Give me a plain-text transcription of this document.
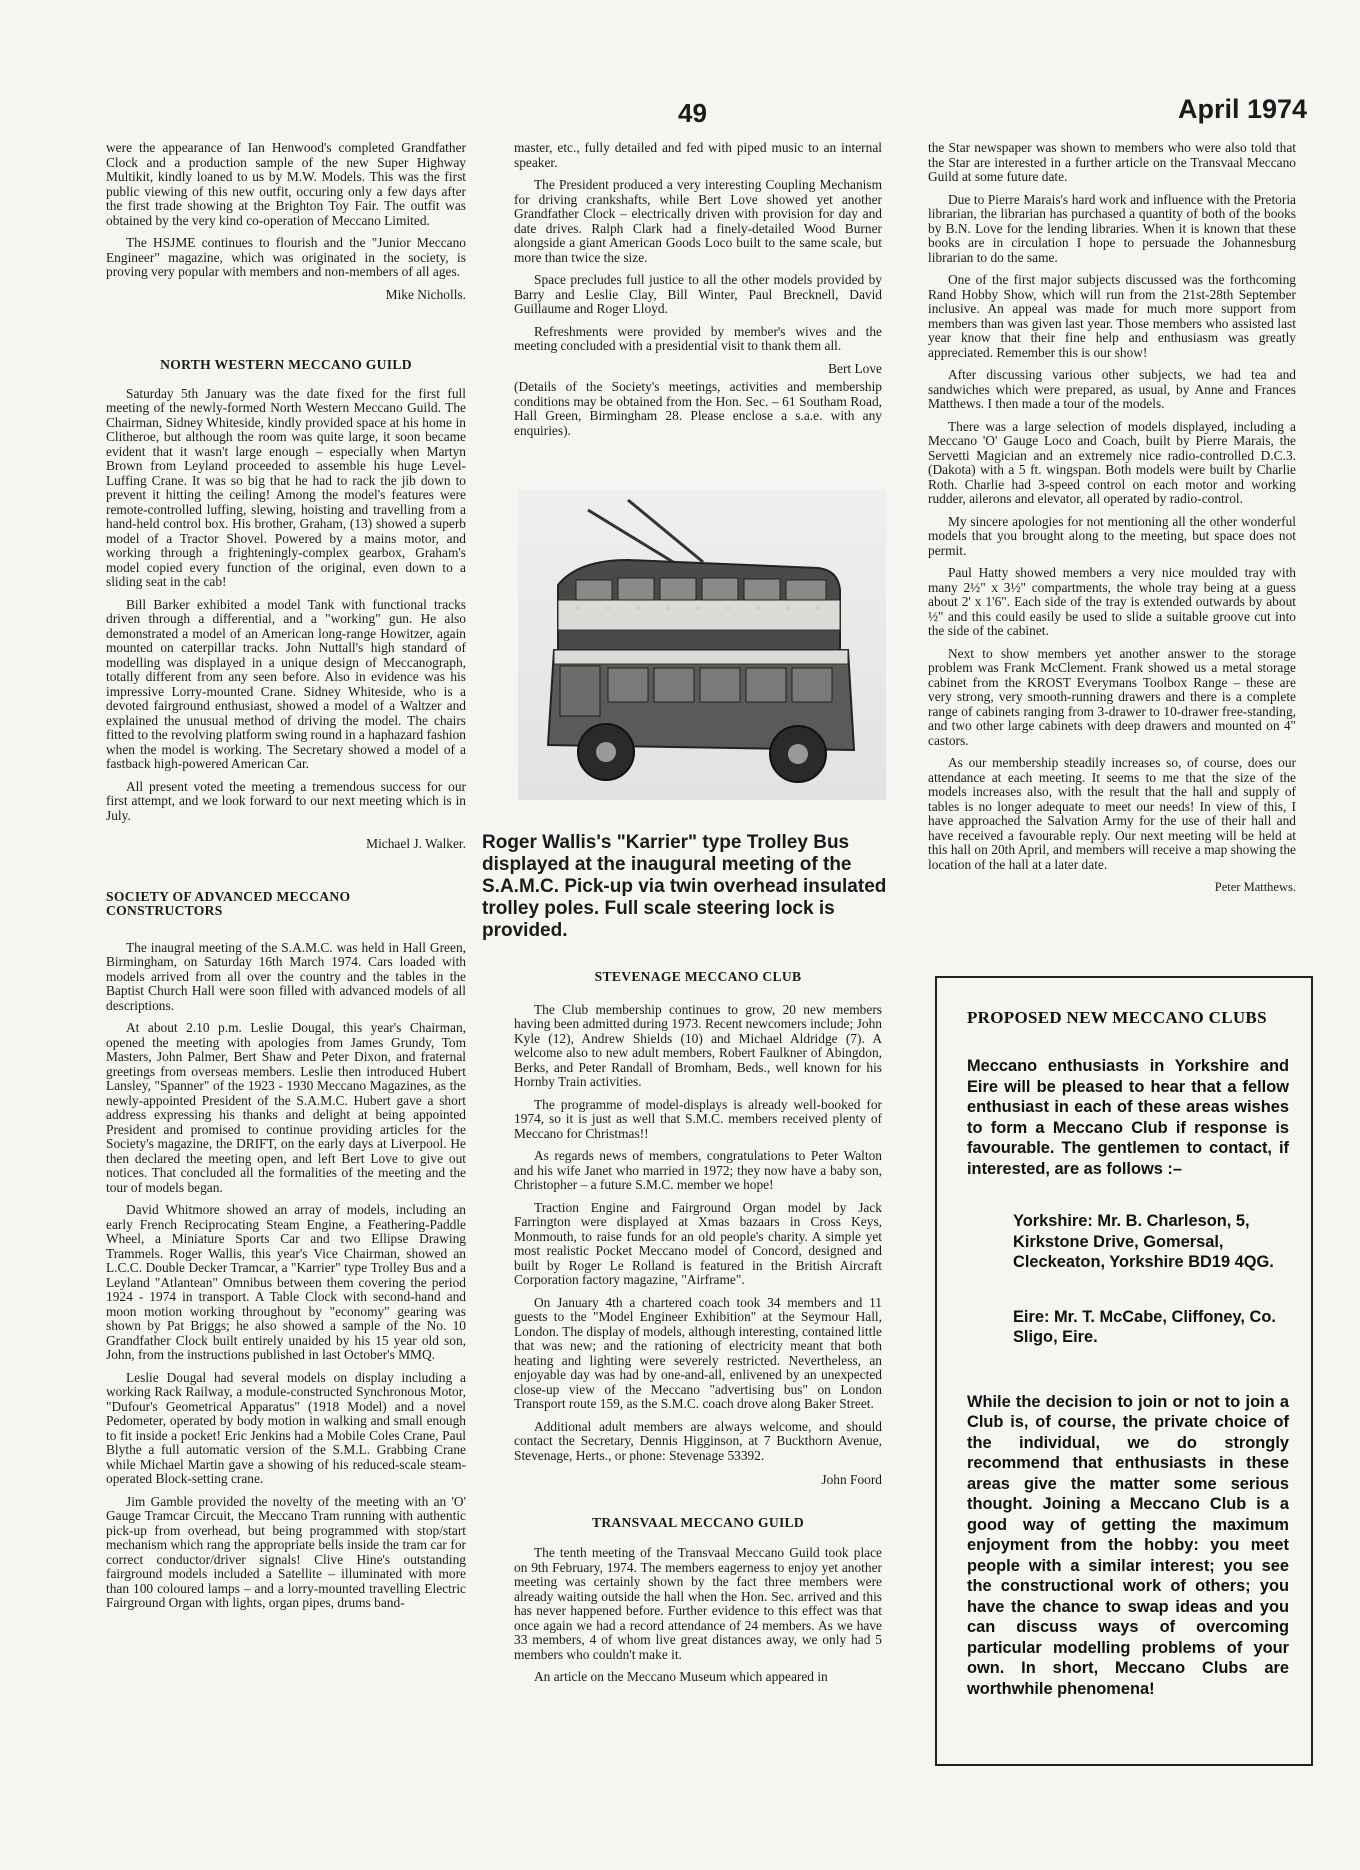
49	April 1974

were the appearance of Ian Henwood's completed Grandfather Clock and a production sample of the new Super Highway Multikit, kindly loaned to us by M.W. Models. This was the first public viewing of this new outfit, occuring only a few days after the first trade showing at the Brighton Toy Fair. The outfit was obtained by the very kind co-operation of Meccano Limited.

The HSJME continues to flourish and the "Junior Meccano Engineer" magazine, which was originated in the society, is proving very popular with members and non-members of all ages.

Mike Nicholls.
NORTH WESTERN MECCANO GUILD

Saturday 5th January was the date fixed for the first full meeting of the newly-formed North Western Meccano Guild. The Chairman, Sidney Whiteside, kindly provided space at his home in Clitheroe, but although the room was quite large, it soon became evident that it wasn't large enough – especially when Martyn Brown from Leyland proceeded to assemble his huge Level-Luffing Crane. It was so big that he had to rack the jib down to prevent it hitting the ceiling! Among the model's features were remote-controlled luffing, slewing, hoisting and travelling from a hand-held control box. His brother, Graham, (13) showed a superb model of a Tractor Shovel. Powered by a mains motor, and working through a frighteningly-complex gearbox, Graham's model copied every function of the original, even down to a sliding seat in the cab!

Bill Barker exhibited a model Tank with functional tracks driven through a differential, and a "working" gun. He also demonstrated a model of an American long-range Howitzer, again mounted on caterpillar tracks. John Nuttall's high standard of modelling was displayed in a unique design of Meccanograph, totally different from any seen before. Also in evidence was his impressive Lorry-mounted Crane. Sidney Whiteside, who is a devoted fairground enthusiast, showed a model of a Waltzer and explained the unusual method of driving the model. The chairs fitted to the revolving platform swing round in a haphazard fashion when the model is working. The Secretary showed a model of a fastback high-powered American Car.

All present voted the meeting a tremendous success for our first attempt, and we look forward to our next meeting which is in July.

Michael J. Walker.
SOCIETY OF ADVANCED MECCANO CONSTRUCTORS

The inaugral meeting of the S.A.M.C. was held in Hall Green, Birmingham, on Saturday 16th March 1974. Cars loaded with models arrived from all over the country and the tables in the Baptist Church Hall were soon filled with advanced models of all descriptions.

At about 2.10 p.m. Leslie Dougal, this year's Chairman, opened the meeting with apologies from James Grundy, Tom Masters, John Palmer, Bert Shaw and Peter Dixon, and fraternal greetings from overseas members. Leslie then introduced Hubert Lansley, "Spanner" of the 1923 - 1930 Meccano Magazines, as the newly-appointed President of the S.A.M.C. Hubert gave a short address expressing his thanks and delight at being appointed President and promised to continue providing articles for the Society's magazine, the DRIFT, on the early days at Liverpool. He then declared the meeting open, and left Bert Love to give out notices. That concluded all the formalities of the meeting and the tour of models began.

David Whitmore showed an array of models, including an early French Reciprocating Steam Engine, a Feathering-Paddle Wheel, a Miniature Sports Car and two Ellipse Drawing Trammels. Roger Wallis, this year's Vice Chairman, showed an L.C.C. Double Decker Tramcar, a "Karrier" type Trolley Bus and a Leyland "Atlantean" Omnibus between them covering the period 1924 - 1974 in transport. A Table Clock with second-hand and moon motion working throughout by "economy" gearing was shown by Pat Briggs; he also showed a sample of the No. 10 Grandfather Clock built entirely unaided by his 15 year old son, John, from the instructions published in last October's MMQ.

Leslie Dougal had several models on display including a working Rack Railway, a module-constructed Synchronous Motor, "Dufour's Geometrical Apparatus" (1918 Model) and a novel Pedometer, operated by body motion in walking and small enough to fit inside a pocket! Eric Jenkins had a Mobile Coles Crane, Paul Blythe a full automatic version of the S.M.L. Grabbing Crane while Michael Martin gave a showing of his reduced-scale steam-operated Block-setting crane.

Jim Gamble provided the novelty of the meeting with an 'O' Gauge Tramcar Circuit, the Meccano Tram running with authentic pick-up from overhead, but being programmed with stop/start mechanism which rang the appropriate bells inside the tram car for correct conductor/driver signals! Clive Hine's outstanding fairground models included a Satellite – illuminated with more than 100 coloured lamps – and a lorry-mounted travelling Electric Fairground Organ with lights, organ pipes, drums band-

master, etc., fully detailed and fed with piped music to an internal speaker.

The President produced a very interesting Coupling Mechanism for driving crankshafts, while Bert Love showed yet another Grandfather Clock – electrically driven with provision for day and date drives. Ralph Clark had a finely-detailed Wood Burner alongside a giant American Goods Loco built to the same scale, but more than twice the size.

Space precludes full justice to all the other models provided by Barry and Leslie Clay, Bill Winter, Paul Brecknell, David Guillaume and Roger Lloyd.

Refreshments were provided by member's wives and the meeting concluded with a presidential visit to thank them all.

Bert Love

(Details of the Society's meetings, activities and membership conditions may be obtained from the Hon. Sec. – 61 Southam Road, Hall Green, Birmingham 28. Please enclose a s.a.e. with any enquiries).

Roger Wallis's "Karrier" type Trolley Bus displayed at the inaugural meeting of the S.A.M.C. Pick-up via twin overhead insulated trolley poles. Full scale steering lock is provided.
STEVENAGE MECCANO CLUB

The Club membership continues to grow, 20 new members having been admitted during 1973. Recent newcomers include; John Kyle (12), Andrew Shields (10) and Michael Aldridge (7). A welcome also to new adult members, Robert Faulkner of Abingdon, Berks, and Peter Randall of Bromham, Beds., well known for his Hornby Train activities.

The programme of model-displays is already well-booked for 1974, so it is just as well that S.M.C. members received plenty of Meccano for Christmas!!

As regards news of members, congratulations to Peter Walton and his wife Janet who married in 1972; they now have a baby son, Christopher – a future S.M.C. member we hope!

Traction Engine and Fairground Organ model by Jack Farrington were displayed at Xmas bazaars in Cross Keys, Monmouth, to raise funds for an old people's charity. A simple yet most realistic Pocket Meccano model of Concord, designed and built by Roger Le Rolland is featured in the British Aircraft Corporation factory magazine, "Airframe".

On January 4th a chartered coach took 34 members and 11 guests to the "Model Engineer Exhibition" at the Seymour Hall, London. The display of models, although interesting, contained little that was new; and the rationing of electricity meant that both heating and lighting were severely restricted. Nevertheless, an enjoyable day was had by one-and-all, enlivened by an unexpected close-up view of the Meccano "advertising bus" on London Transport route 159, as the S.M.C. coach drove along Baker Street.

Additional adult members are always welcome, and should contact the Secretary, Dennis Higginson, at 7 Buckthorn Avenue, Stevenage, Herts., or phone: Stevenage 53392.

John Foord
TRANSVAAL MECCANO GUILD

The tenth meeting of the Transvaal Meccano Guild took place on 9th February, 1974. The members eagerness to enjoy yet another meeting was certainly shown by the fact three members were already waiting outside the hall when the Hon. Sec. arrived and this has never happened before. Further evidence to this effect was that once again we had a record attendance of 24 members. As we have 33 members, 4 of whom live great distances away, we only had 5 members who couldn't make it.

An article on the Meccano Museum which appeared in

the Star newspaper was shown to members who were also told that the Star are interested in a further article on the Transvaal Meccano Guild at some future date.

Due to Pierre Marais's hard work and influence with the Pretoria librarian, the librarian has purchased a quantity of both of the books by B.N. Love for the lending libraries. When it is known that these books are in circulation I hope to persuade the Johannesburg librarian to do the same.

One of the first major subjects discussed was the forthcoming Rand Hobby Show, which will run from the 21st-28th September inclusive. An appeal was made for much more support from members than was given last year. Those members who assisted last year know that their fine help and enthusiasm was greatly appreciated. Remember this is our show!

After discussing various other subjects, we had tea and sandwiches which were prepared, as usual, by Anne and Frances Matthews. I then made a tour of the models.

There was a large selection of models displayed, including a Meccano 'O' Gauge Loco and Coach, built by Pierre Marais, the Servetti Magician and an extremely nice radio-controlled D.C.3. (Dakota) with a 5 ft. wingspan. Both models were built by Charlie Roth. Charlie had 3-speed control on each motor and working rudder, ailerons and elevator, all operated by radio-control.

My sincere apologies for not mentioning all the other wonderful models that you brought along to the meeting, but space does not permit.

Paul Hatty showed members a very nice moulded tray with many 2½" x 3½" compartments, the whole tray being at a guess about 2' x 1'6". Each side of the tray is extended outwards by about ½" and this could easily be used to slide a suitable groove cut into the side of the cabinet.

Next to show members yet another answer to the storage problem was Frank McClement. Frank showed us a metal storage cabinet from the KROST Everymans Toolbox Range – these are very strong, very smooth-running drawers and there is a complete range of cabinets ranging from 3-drawer to 10-drawer free-standing, and two other large cabinets with deep drawers and mounted on 4" castors.

As our membership steadily increases so, of course, does our attendance at each meeting. It seems to me that the size of the models increases also, with the result that the hall and supply of tables is no longer adequate to meet our needs! In view of this, I have approached the Salvation Army for the use of their hall and have received a favourable reply. Our next meeting will be held at this hall on 20th April, and members will receive a map showing the location of the hall at a later date.

Peter Matthews.
PROPOSED NEW MECCANO CLUBS

Meccano enthusiasts in Yorkshire and Eire will be pleased to hear that a fellow enthusiast in each of these areas wishes to form a Meccano Club if response is favourable. The gentlemen to contact, if interested, are as follows :–

Yorkshire: Mr. B. Charleson, 5, Kirkstone Drive, Gomersal, Cleckeaton, Yorkshire BD19 4QG.

Eire: Mr. T. McCabe, Cliffoney, Co. Sligo, Eire.

While the decision to join or not to join a Club is, of course, the private choice of the individual, we do strongly recommend that enthusiasts in these areas give the matter some serious thought. Joining a Meccano Club is a good way of getting the maximum enjoyment from the hobby: you meet people with a similar interest; you see the constructional work of others; you have the chance to swap ideas and you can discuss ways of overcoming particular modelling problems of your own. In short, Meccano Clubs are worthwhile phenomena!
